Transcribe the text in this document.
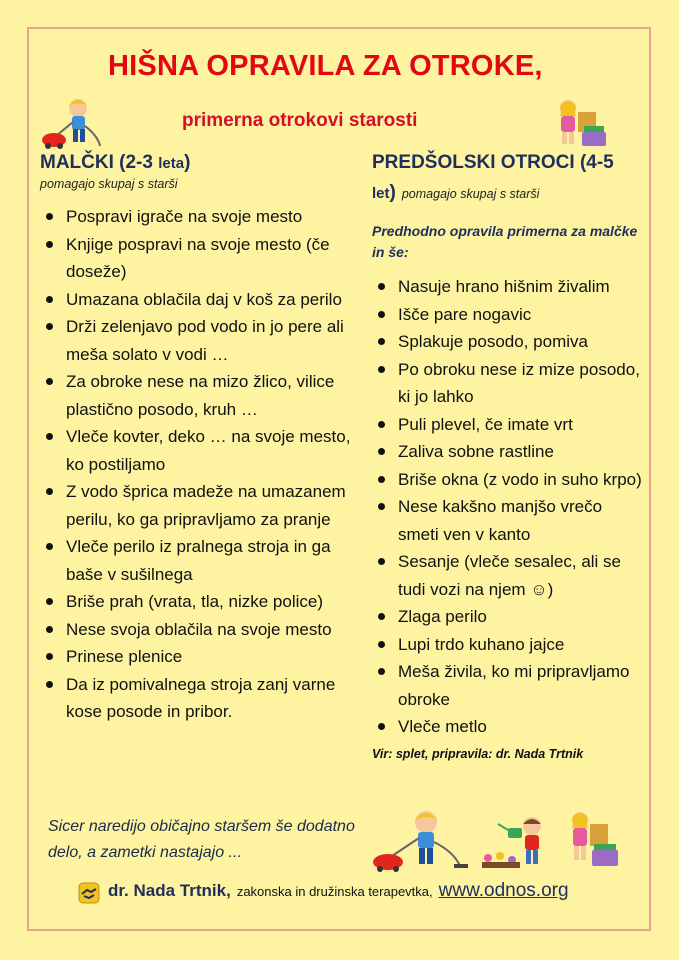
HIŠNA OPRAVILA ZA OTROKE,
primerna otrokovi starosti
MALČKI (2-3 leta)
pomagajo skupaj s starši
Pospravi igrače na svoje mesto
Knjige pospravi na svoje mesto (če doseže)
Umazana oblačila daj v koš za perilo
Drži zelenjavo pod vodo in jo pere ali meša solato v vodi …
Za obroke nese na mizo žlico, vilice plastično posodo, kruh …
Vleče kovter, deko … na svoje mesto, ko postiljamo
Z vodo šprica madeže na umazanem perilu, ko ga pripravljamo za pranje
Vleče perilo iz pralnega stroja in ga baše v sušilnega
Briše prah (vrata, tla, nizke police)
Nese svoja oblačila na svoje mesto
Prinese plenice
Da iz pomivalnega stroja zanj varne kose posode in pribor.
PREDŠOLSKI OTROCI (4-5
let) pomagajo skupaj s starši
Predhodno opravila primerna za malčke in še:
Nasuje hrano hišnim živalim
Išče pare nogavic
Splakuje posodo, pomiva
Po obroku nese iz mize posodo, ki jo lahko
Puli plevel, če imate vrt
Zaliva sobne rastline
Briše okna (z vodo in suho krpo)
Nese kakšno manjšo vrečo smeti ven v kanto
Sesanje (vleče sesalec, ali se tudi vozi na njem ☺)
Zlaga perilo
Lupi trdo kuhano jajce
Meša živila, ko mi pripravljamo obroke
Vleče metlo
Vir: splet, pripravila: dr. Nada Trtnik
Sicer naredijo običajno staršem še dodatno delo, a zametki nastajajo ...
dr. Nada Trtnik, zakonska in družinska terapevtka, www.odnos.org
